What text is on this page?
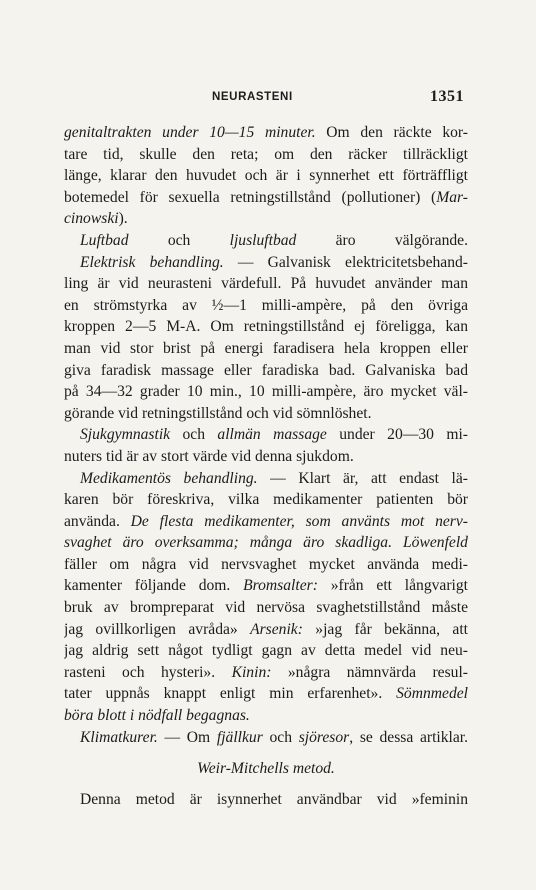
NEURASTENI	1351
genitaltrakten under 10—15 minuter. Om den räckte kor-
tare tid, skulle den reta; om den räcker tillräckligt
länge, klarar den huvudet och är i synnerhet ett förträffligt
botemedel för sexuella retningstillstånd (pollutioner) (Mar-
cinowski).
Luftbad och ljusluftbad äro välgörande.
Elektrisk behandling. — Galvanisk elektricitetsbehand-
ling är vid neurasteni värdefull. På huvudet använder man
en strömstyrka av ½—1 milli-ampère, på den övriga
kroppen 2—5 M-A. Om retningstillstånd ej föreligga, kan
man vid stor brist på energi faradisera hela kroppen eller
giva faradisk massage eller faradiska bad. Galvaniska bad
på 34—32 grader 10 min., 10 milli-ampère, äro mycket väl-
görande vid retningstillstånd och vid sömnlöshet.
Sjukgymnastik och allmän massage under 20—30 mi-
nuters tid är av stort värde vid denna sjukdom.
Medikamentös behandling. — Klart är, att endast lä-
karen bör föreskriva, vilka medikamenter patienten bör
använda. De flesta medikamenter, som använts mot nerv-
svaghet äro overksamma; många äro skadliga. Löwenfeld
fäller om några vid nervsvaghet mycket använda medi-
kamenter följande dom. Bromsalter: »från ett långvarigt
bruk av brompreparat vid nervösa svaghetstillstånd måste
jag ovillkorligen avråda» Arsenik: »jag får bekänna, att
jag aldrig sett något tydligt gagn av detta medel vid neu-
rasteni och hysteri». Kinin: »några nämnvärda resul-
tater uppnås knappt enligt min erfarenhet». Sömnmedel
böra blott i nödfall begagnas.
Klimatkurer. — Om fjällkur och sjöresor, se dessa artiklar.
Weir-Mitchells metod.
Denna metod är isynnerhet användbar vid »feminin
